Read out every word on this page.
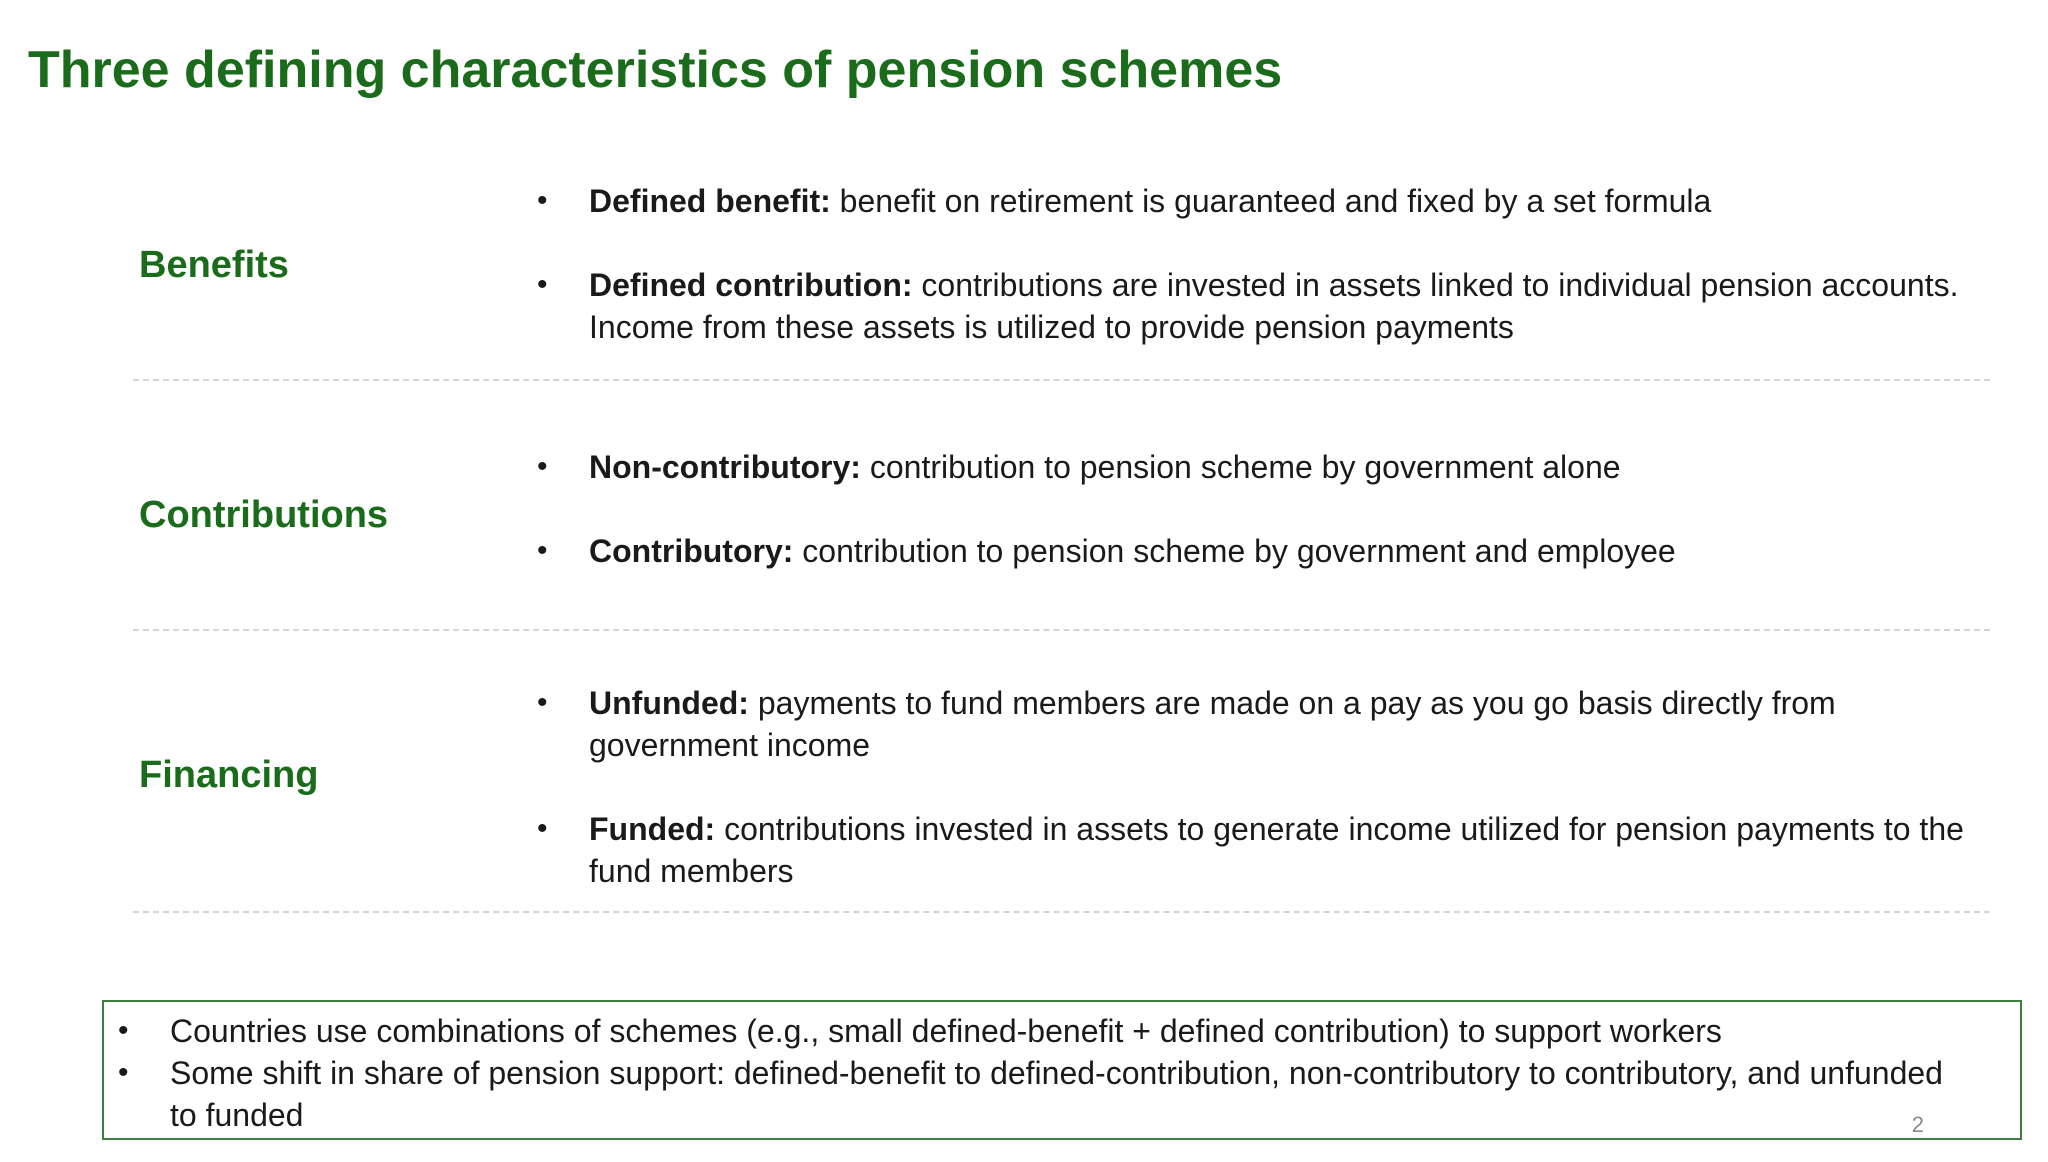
Three defining characteristics of pension schemes
Benefits
• Defined benefit: benefit on retirement is guaranteed and fixed by a set formula
• Defined contribution: contributions are invested in assets linked to individual pension accounts. Income from these assets is utilized to provide pension payments
Contributions
• Non-contributory: contribution to pension scheme by government alone
• Contributory: contribution to pension scheme by government and employee
Financing
• Unfunded: payments to fund members are made on a pay as you go basis directly from government income
• Funded: contributions invested in assets to generate income utilized for pension payments to the fund members
• Countries use combinations of schemes (e.g., small defined-benefit + defined contribution) to support workers
• Some shift in share of pension support: defined-benefit to defined-contribution, non-contributory to contributory, and unfunded to funded	2
